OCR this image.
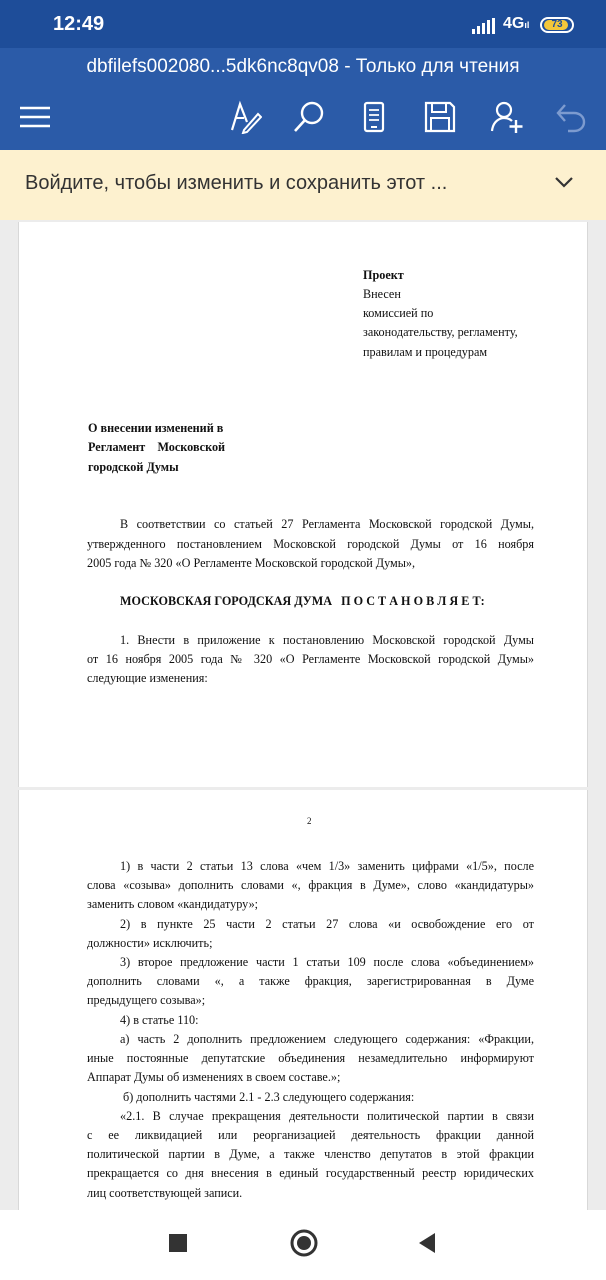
12:49	4Gıl	73
dbfilefs002080...5dk6nc8qv08 - Только для чтения
Войдите, чтобы изменить и сохранить этот ...
Проект
Внесен
комиссией по
законодательству, регламенту,
правилам и процедурам
О внесении изменений в
Регламент    Московской
городской Думы
В соответствии со статьей 27 Регламента Московской городской Думы,
утвержденного постановлением Московской городской Думы от 16 ноября
2005 года № 320 «О Регламенте Московской городской Думы»,
МОСКОВСКАЯ ГОРОДСКАЯ ДУМА   П О С Т А Н О В Л Я Е Т:
1. Внести в приложение к постановлению Московской городской Думы
от 16 ноября 2005 года № 320 «О Регламенте Московской городской Думы»
следующие изменения:
2
1) в части 2 статьи 13 слова «чем 1/3» заменить цифрами «1/5», после
слова «созыва» дополнить словами «, фракция в Думе», слово «кандидатуры»
заменить словом «кандидатуру»;
2) в пункте 25 части 2 статьи 27 слова «и освобождение его от
должности» исключить;
3) второе предложение части 1 статьи 109 после слова «объединением»
дополнить словами «, а также фракция, зарегистрированная в Думе
предыдущего созыва»;
4) в статье 110:
а) часть 2 дополнить предложением следующего содержания: «Фракции,
иные постоянные депутатские объединения незамедлительно информируют
Аппарат Думы об изменениях в своем составе.»;
б) дополнить частями 2.1 - 2.3 следующего содержания:
«2.1. В случае прекращения деятельности политической партии в связи
с ее ликвидацией или реорганизацией деятельность фракции данной
политической партии в Думе, а также членство депутатов в этой фракции
прекращается со дня внесения в единый государственный реестр юридических
лиц соответствующей записи.
